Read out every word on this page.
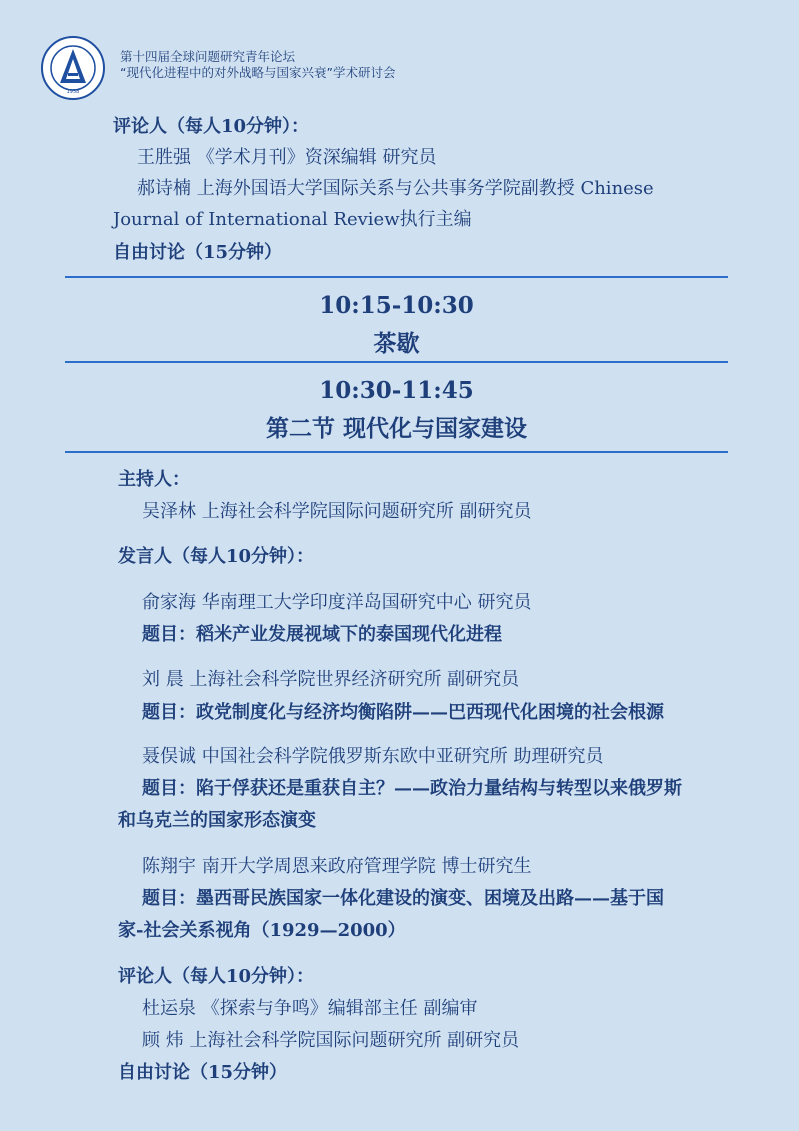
1958
第十四届全球问题研究青年论坛
“现代化进程中的对外战略与国家兴衰”学术研讨会
评论人（每人10分钟）：
王胜强 《学术月刊》资深编辑 研究员
郝诗楠 上海外国语大学国际关系与公共事务学院副教授 Chinese
Journal of International Review执行主编
自由讨论（15分钟）
10:15-10:30
茶歇
10:30-11:45
第二节 现代化与国家建设
主持人：
吴泽林 上海社会科学院国际问题研究所 副研究员
发言人（每人10分钟）：
俞家海 华南理工大学印度洋岛国研究中心 研究员
题目：稻米产业发展视域下的泰国现代化进程
刘 晨 上海社会科学院世界经济研究所 副研究员
题目：政党制度化与经济均衡陷阱——巴西现代化困境的社会根源
聂俣诚 中国社会科学院俄罗斯东欧中亚研究所 助理研究员
题目：陷于俘获还是重获自主？——政治力量结构与转型以来俄罗斯
和乌克兰的国家形态演变
陈翔宇 南开大学周恩来政府管理学院 博士研究生
题目：墨西哥民族国家一体化建设的演变、困境及出路——基于国
家-社会关系视角（1929—2000）
评论人（每人10分钟）：
杜运泉 《探索与争鸣》编辑部主任 副编审
顾 炜 上海社会科学院国际问题研究所 副研究员
自由讨论（15分钟）
